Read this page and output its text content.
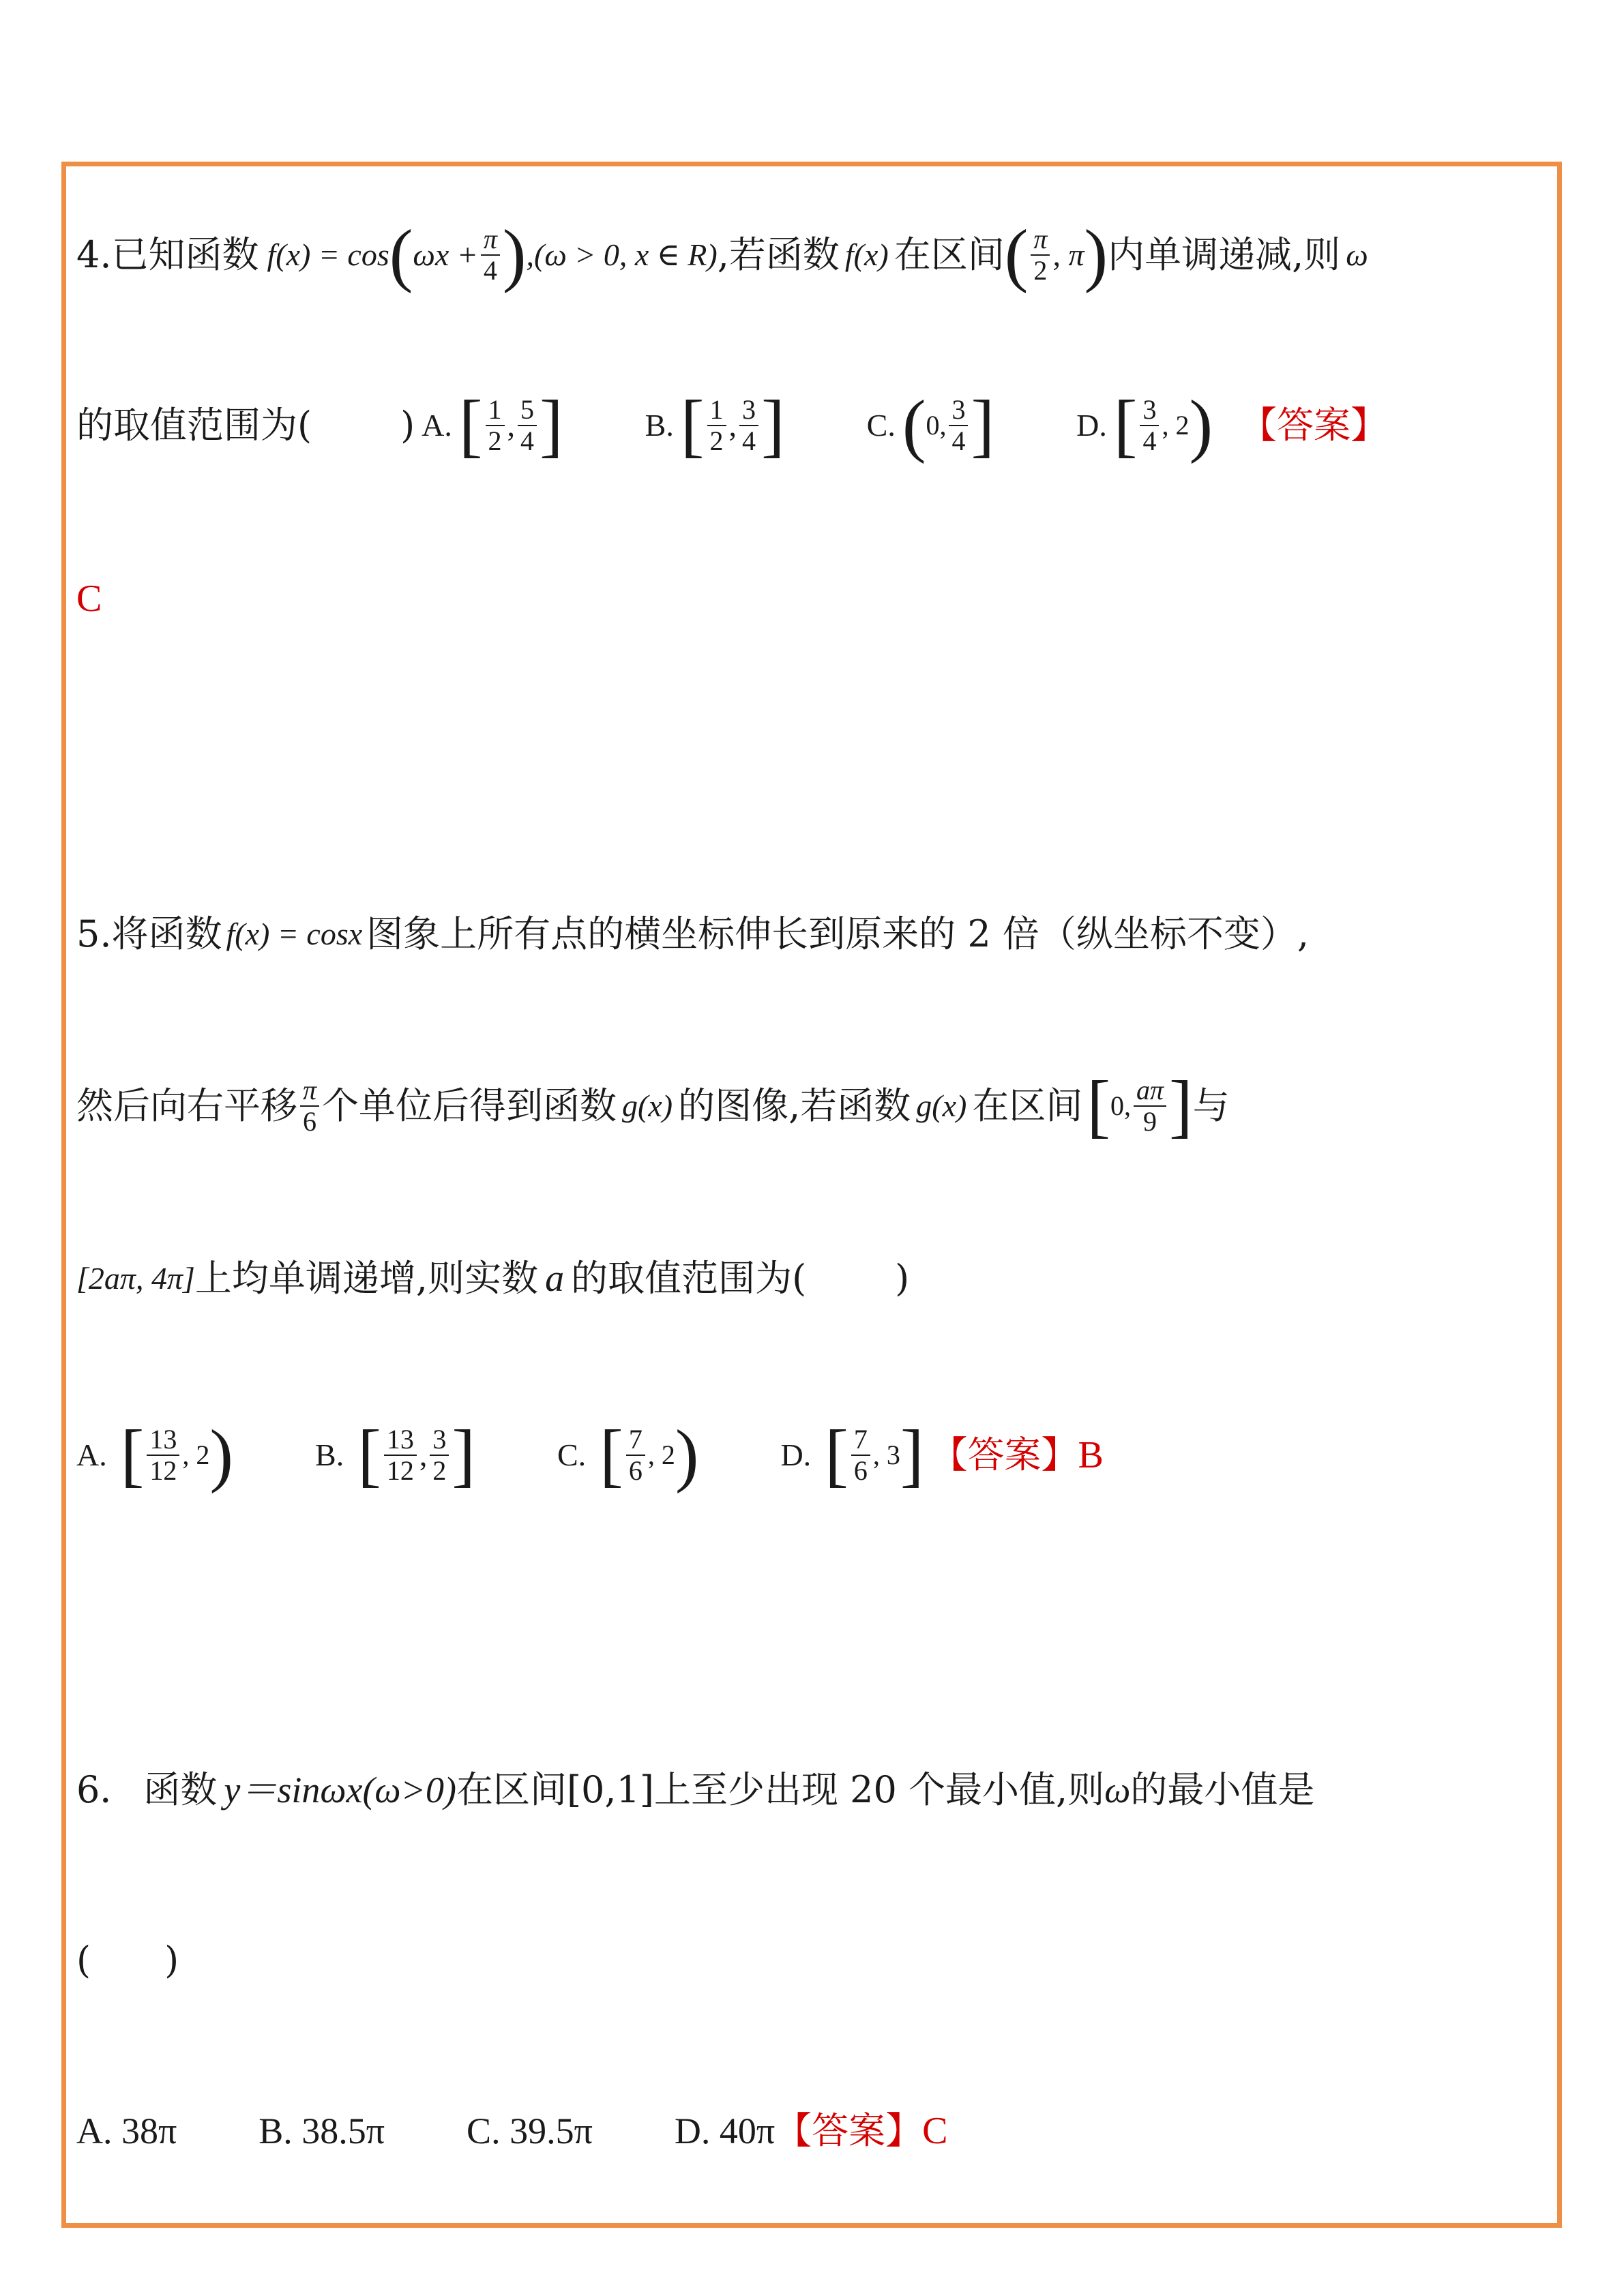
4. 已知函数 f(x) = cos ( $\omega x + \frac{\pi}{4}$ ) ,(ω > 0, x ∈ R) ,若函数 f(x) 在区间 ( $\frac{\pi}{2}$ , π ) 内单调递减,则 ω
的取值范围为( ) A. [ $\frac{1}{2}$ , $\frac{5}{4}$ ]	B. [ $\frac{1}{2}$ , $\frac{3}{4}$ ]	C. ( 0, $\frac{3}{4}$ ]	D. [ $\frac{3}{4}$ , 2 ) 【答案】
C
5.将函数 f(x) = cosx 图象上所有点的横坐标伸长到原来的 2 倍（纵坐标不变）,
然后向右平移 $\frac{\pi}{6}$ 个单位后得到函数 g(x) 的图像,若函数 g(x) 在区间 [ 0, $\frac{a\pi}{9}$ ] 与
[2aπ, 4π] 上均单调递增,则实数 a 的取值范围为( )
A. [ $\frac{13}{12}$ , 2 )	B. [ $\frac{13}{12}$ , $\frac{3}{2}$ ]	C. [ $\frac{7}{6}$ , 2 )	D. [ $\frac{7}{6}$ , 3 ] 【答案】 B
6． 函数 y＝sinωx(ω>0) 在区间[0,1]上至少出现 20 个最小值,则 ω 的最小值是
(　　)
A. 38π B. 38.5π C. 39.5π D. 40π 【答案】 C
